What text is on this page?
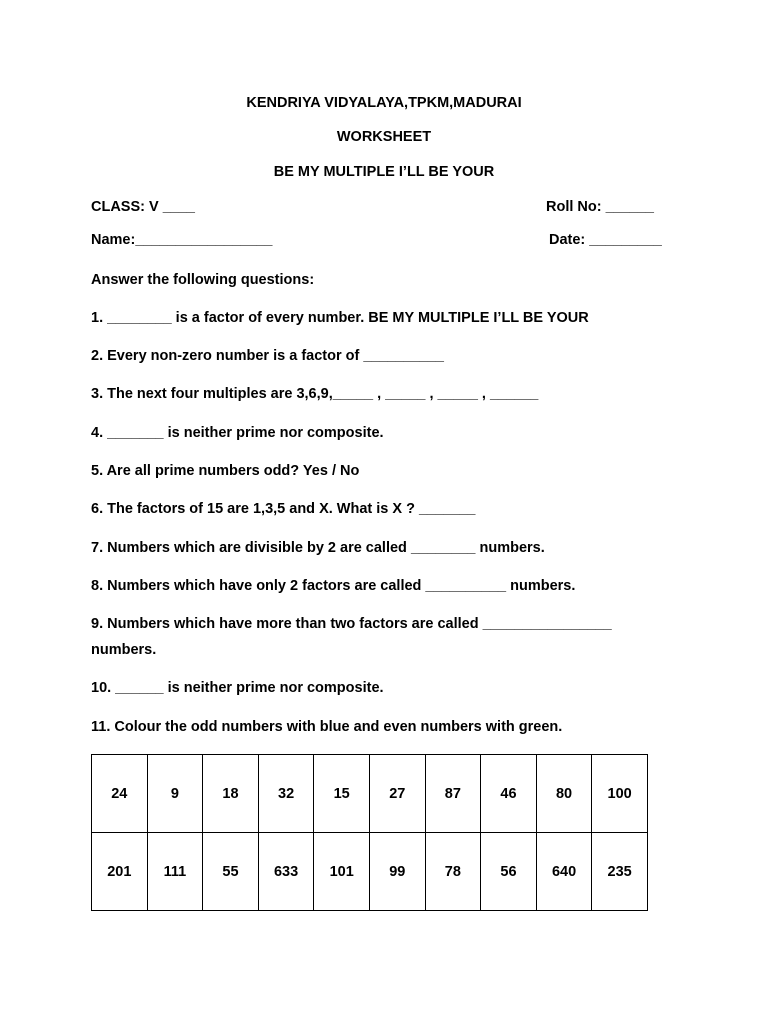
KENDRIYA VIDYALAYA,TPKM,MADURAI
WORKSHEET
BE MY MULTIPLE I’LL BE YOUR
CLASS: V ____	Roll No: ______
Name:_________________	Date: _________
Answer the following questions:
1. ________ is a factor of every number. BE MY MULTIPLE I’LL BE YOUR
2. Every non-zero number is a factor of __________
3. The next four multiples are 3,6,9,_____ , _____ , _____ , ______
4. _______ is neither prime nor composite.
5. Are all prime numbers odd? Yes / No
6. The factors of 15 are 1,3,5 and X. What is X ? _______
7. Numbers which are divisible by 2 are called ________ numbers.
8. Numbers which have only 2 factors are called __________ numbers.
9. Numbers which have more than two factors are called ________________
numbers.
10. ______ is neither prime nor composite.
11. Colour the odd numbers with blue and even numbers with green.
24	9	18	32	15	27	87	46	80	100
201	111	55	633	101	99	78	56	640	235
